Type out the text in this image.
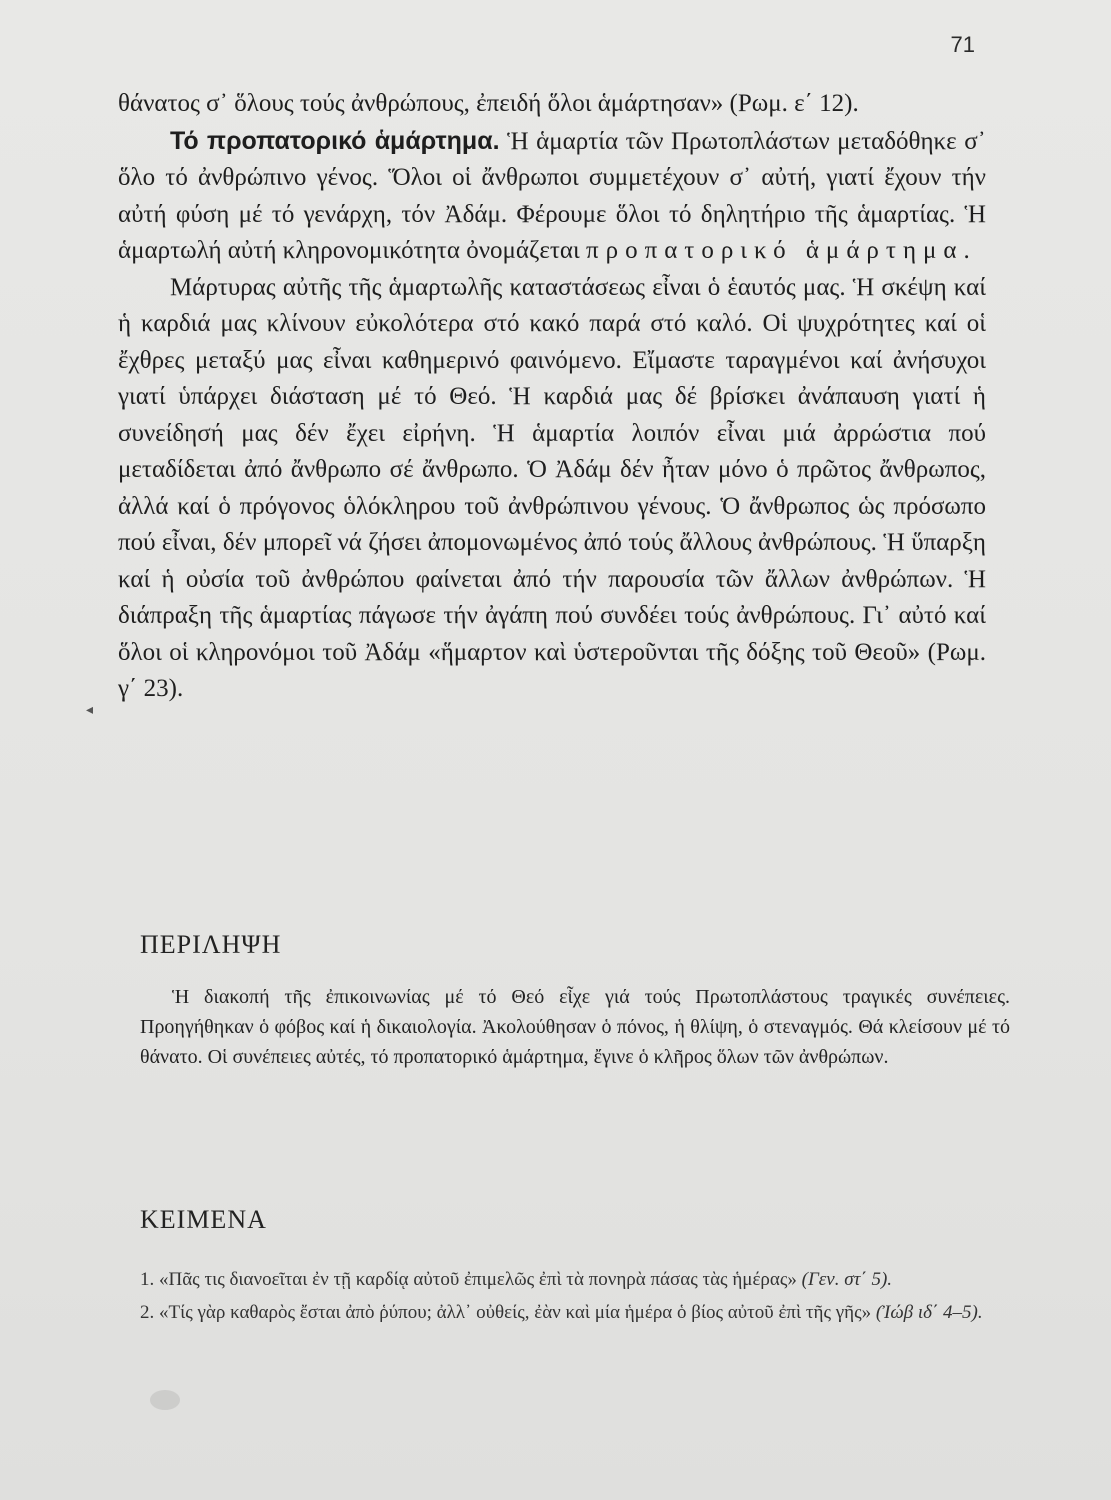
71

θάνατος σ᾽ ὅλους τούς ἀνθρώπους, ἐπειδή ὅλοι ἁμάρτησαν» (Ρωμ. ε΄ 12).

Τό προπατορικό ἁμάρτημα. Ἡ ἁμαρτία τῶν Πρωτοπλάστων μεταδόθηκε σ᾽ ὅλο τό ἀνθρώπινο γένος. Ὅλοι οἱ ἄνθρωποι συμμετέχουν σ᾽ αὐτή, γιατί ἔχουν τήν αὐτή φύση μέ τό γενάρχη, τόν Ἀδάμ. Φέρουμε ὅλοι τό δηλητήριο τῆς ἁμαρτίας. Ἡ ἁμαρτωλή αὐτή κληρονομικότητα ὀνομάζεται προπατορικό ἁμάρτημα.

Μάρτυρας αὐτῆς τῆς ἁμαρτωλῆς καταστάσεως εἶναι ὁ ἑαυτός μας. Ἡ σκέψη καί ἡ καρδιά μας κλίνουν εὐκολότερα στό κακό παρά στό καλό. Οἱ ψυχρότητες καί οἱ ἔχθρες μεταξύ μας εἶναι καθημερινό φαινόμενο. Εἴμαστε ταραγμένοι καί ἀνήσυχοι γιατί ὑπάρχει διάσταση μέ τό Θεό. Ἡ καρδιά μας δέ βρίσκει ἀνάπαυση γιατί ἡ συνείδησή μας δέν ἔχει εἰρήνη. Ἡ ἁμαρτία λοιπόν εἶναι μιά ἀρρώστια πού μεταδίδεται ἀπό ἄνθρωπο σέ ἄνθρωπο. Ὁ Ἀδάμ δέν ἦταν μόνο ὁ πρῶτος ἄνθρωπος, ἀλλά καί ὁ πρόγονος ὁλόκληρου τοῦ ἀνθρώπινου γένους. Ὁ ἄνθρωπος ὡς πρόσωπο πού εἶναι, δέν μπορεῖ νά ζήσει ἀπομονωμένος ἀπό τούς ἄλλους ἀνθρώπους. Ἡ ὕπαρξη καί ἡ οὐσία τοῦ ἀνθρώπου φαίνεται ἀπό τήν παρουσία τῶν ἄλλων ἀνθρώπων. Ἡ διάπραξη τῆς ἁμαρτίας πάγωσε τήν ἀγάπη πού συνδέει τούς ἀνθρώπους. Γι᾽ αὐτό καί ὅλοι οἱ κληρονόμοι τοῦ Ἀδάμ «ἥμαρτον καὶ ὑστεροῦνται τῆς δόξης τοῦ Θεοῦ» (Ρωμ. γ΄ 23).

◂
ΠΕΡΙΛΗΨΗ

Ἡ διακοπή τῆς ἐπικοινωνίας μέ τό Θεό εἶχε γιά τούς Πρωτοπλάστους τραγικές συνέπειες. Προηγήθηκαν ὁ φόβος καί ἡ δικαιολογία. Ἀκολούθησαν ὁ πόνος, ἡ θλίψη, ὁ στεναγμός. Θά κλείσουν μέ τό θάνατο. Οἱ συνέπειες αὐτές, τό προπατορικό ἁμάρτημα, ἔγινε ὁ κλῆρος ὅλων τῶν ἀνθρώπων.

ΚΕΙΜΕΝΑ
1. «Πᾶς τις διανοεῖται ἐν τῇ καρδίᾳ αὐτοῦ ἐπιμελῶς ἐπὶ τὰ πονηρὰ πάσας τὰς ἡμέρας» (Γεν. στ΄ 5).
2. «Τίς γὰρ καθαρὸς ἔσται ἀπὸ ῥύπου; ἀλλ᾽ οὐθείς, ἐὰν καὶ μία ἡμέρα ὁ βίος αὐτοῦ ἐπὶ τῆς γῆς» (Ἰώβ ιδ΄ 4–5).
